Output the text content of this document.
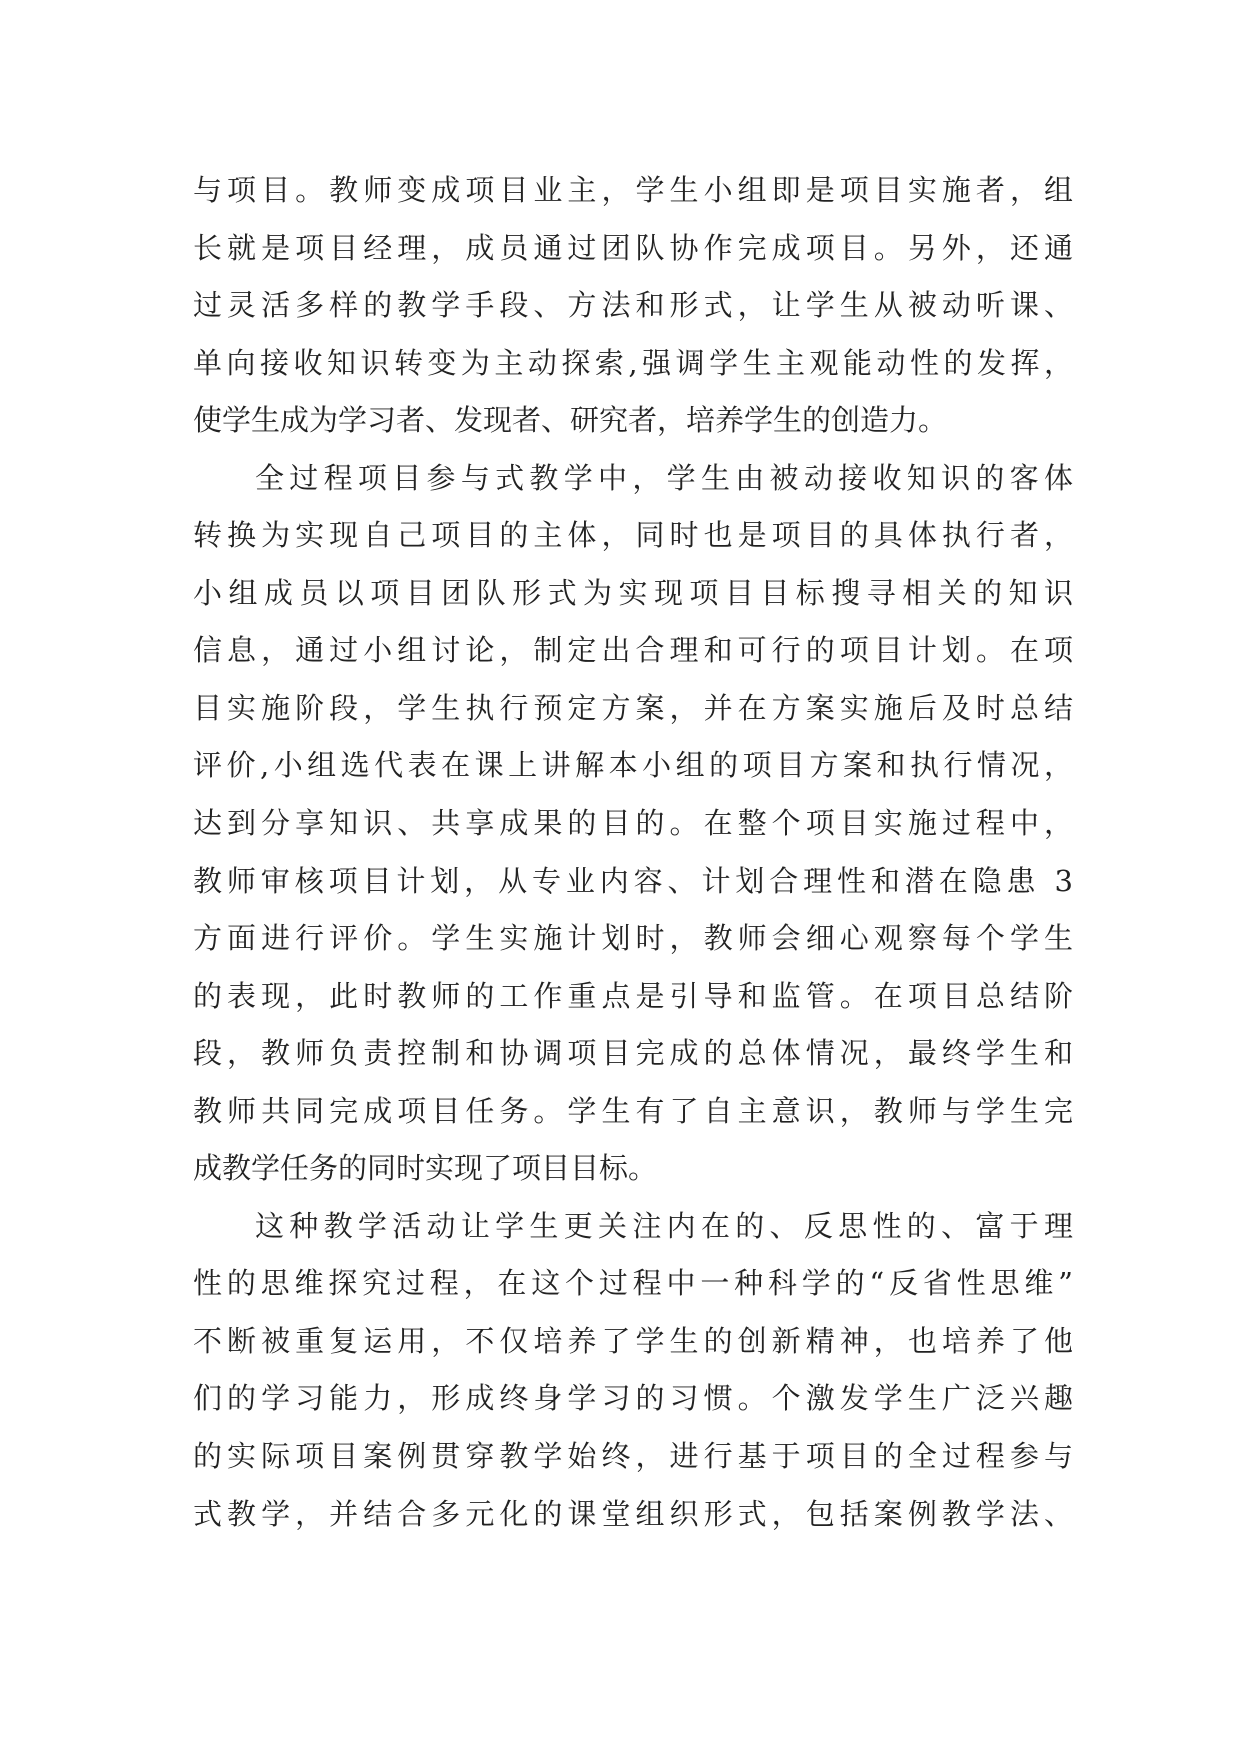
与项目。教师变成项目业主，学生小组即是项目实施者，组
长就是项目经理，成员通过团队协作完成项目。另外，还通
过灵活多样的教学手段、方法和形式，让学生从被动听课、
单向接收知识转变为主动探索,强调学生主观能动性的发挥，
使学生成为学习者、发现者、研究者，培养学生的创造力。
全过程项目参与式教学中，学生由被动接收知识的客体
转换为实现自己项目的主体，同时也是项目的具体执行者，
小组成员以项目团队形式为实现项目目标搜寻相关的知识
信息，通过小组讨论，制定出合理和可行的项目计划。在项
目实施阶段，学生执行预定方案，并在方案实施后及时总结
评价,小组选代表在课上讲解本小组的项目方案和执行情况，
达到分享知识、共享成果的目的。在整个项目实施过程中，
教师审核项目计划，从专业内容、计划合理性和潜在隐患 3
方面进行评价。学生实施计划时，教师会细心观察每个学生
的表现，此时教师的工作重点是引导和监管。在项目总结阶
段，教师负责控制和协调项目完成的总体情况，最终学生和
教师共同完成项目任务。学生有了自主意识，教师与学生完
成教学任务的同时实现了项目目标。
这种教学活动让学生更关注内在的、反思性的、富于理
性的思维探究过程，在这个过程中一种科学的“反省性思维”
不断被重复运用，不仅培养了学生的创新精神，也培养了他
们的学习能力，形成终身学习的习惯。个激发学生广泛兴趣
的实际项目案例贯穿教学始终，进行基于项目的全过程参与
式教学，并结合多元化的课堂组织形式，包括案例教学法、
